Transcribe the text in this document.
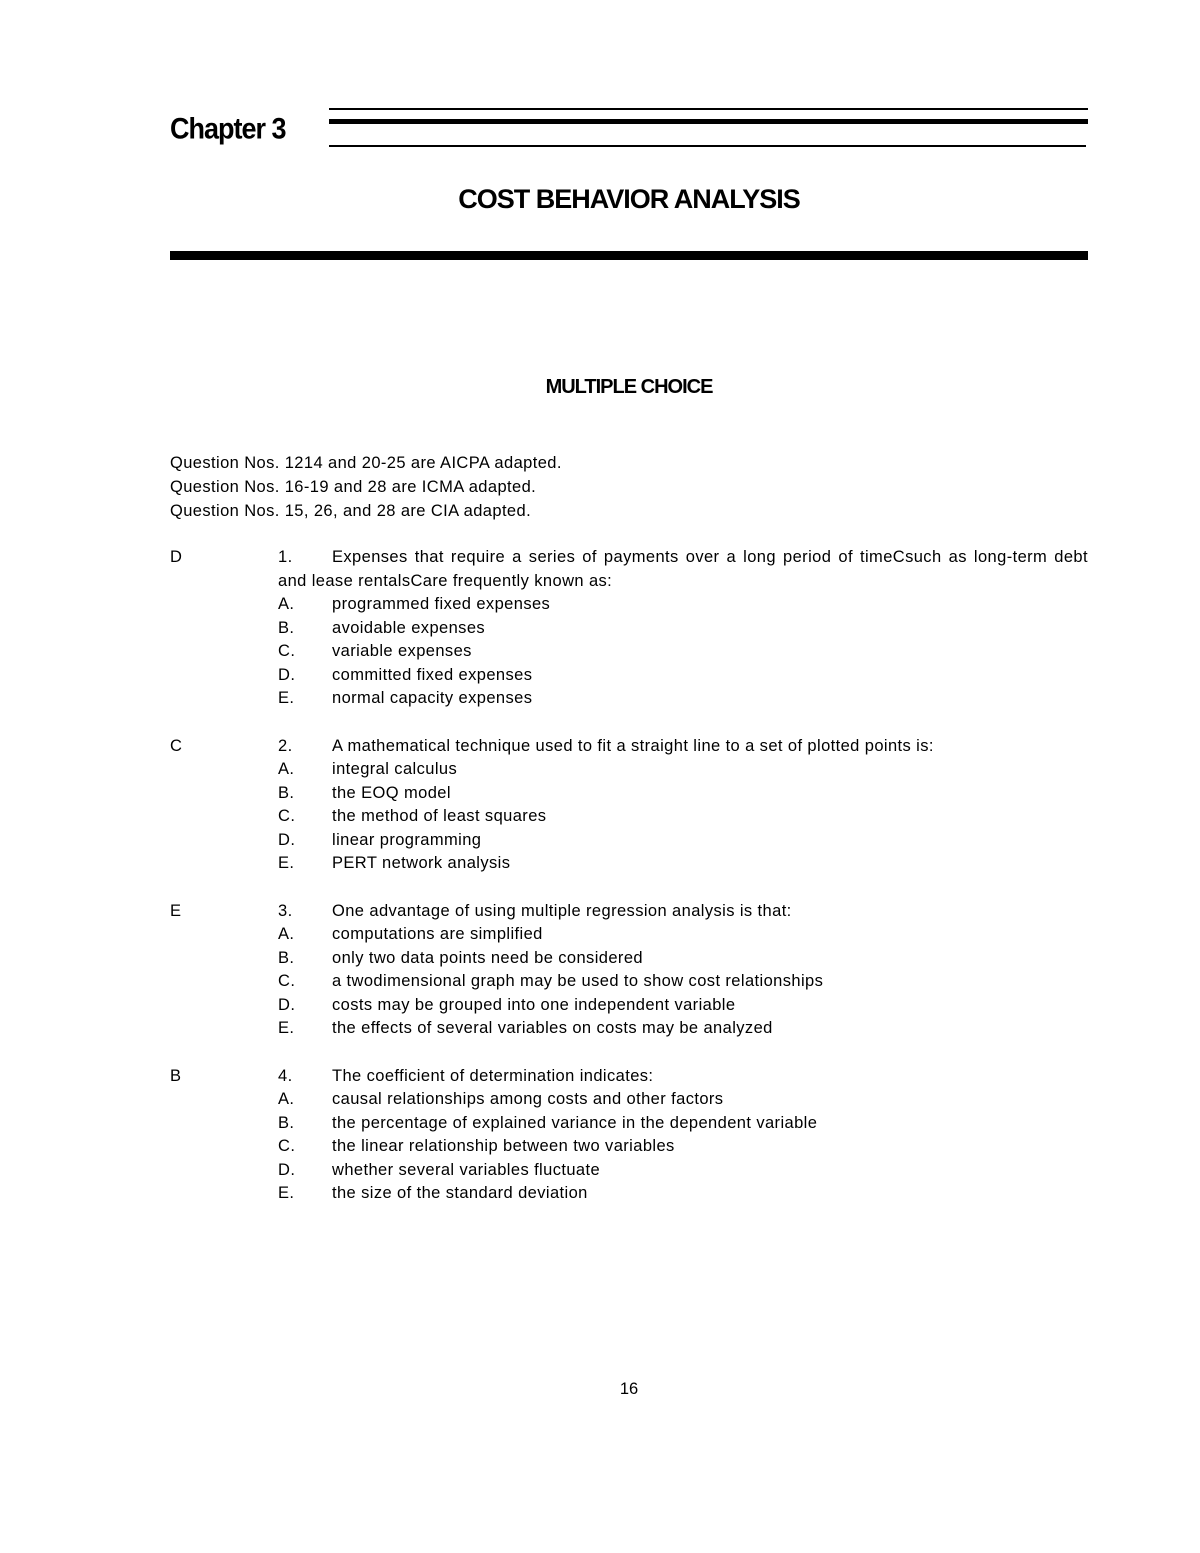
Chapter 3
COST BEHAVIOR ANALYSIS
MULTIPLE CHOICE
Question Nos. 1214 and 20-25 are AICPA adapted.
Question Nos. 16-19 and 28 are ICMA adapted.
Question Nos. 15, 26, and 28 are CIA adapted.
D	1. Expenses that require a series of payments over a long period of timeCsuch as long-term debt and lease rentalsCare frequently known as:
A. programmed fixed expenses
B. avoidable expenses
C. variable expenses
D. committed fixed expenses
E. normal capacity expenses
C	2. A mathematical technique used to fit a straight line to a set of plotted points is:
A. integral calculus
B. the EOQ model
C. the method of least squares
D. linear programming
E. PERT network analysis
E	3. One advantage of using multiple regression analysis is that:
A. computations are simplified
B. only two data points need be considered
C. a twodimensional graph may be used to show cost relationships
D. costs may be grouped into one independent variable
E. the effects of several variables on costs may be analyzed
B	4. The coefficient of determination indicates:
A. causal relationships among costs and other factors
B. the percentage of explained variance in the dependent variable
C. the linear relationship between two variables
D. whether several variables fluctuate
E. the size of the standard deviation
16
